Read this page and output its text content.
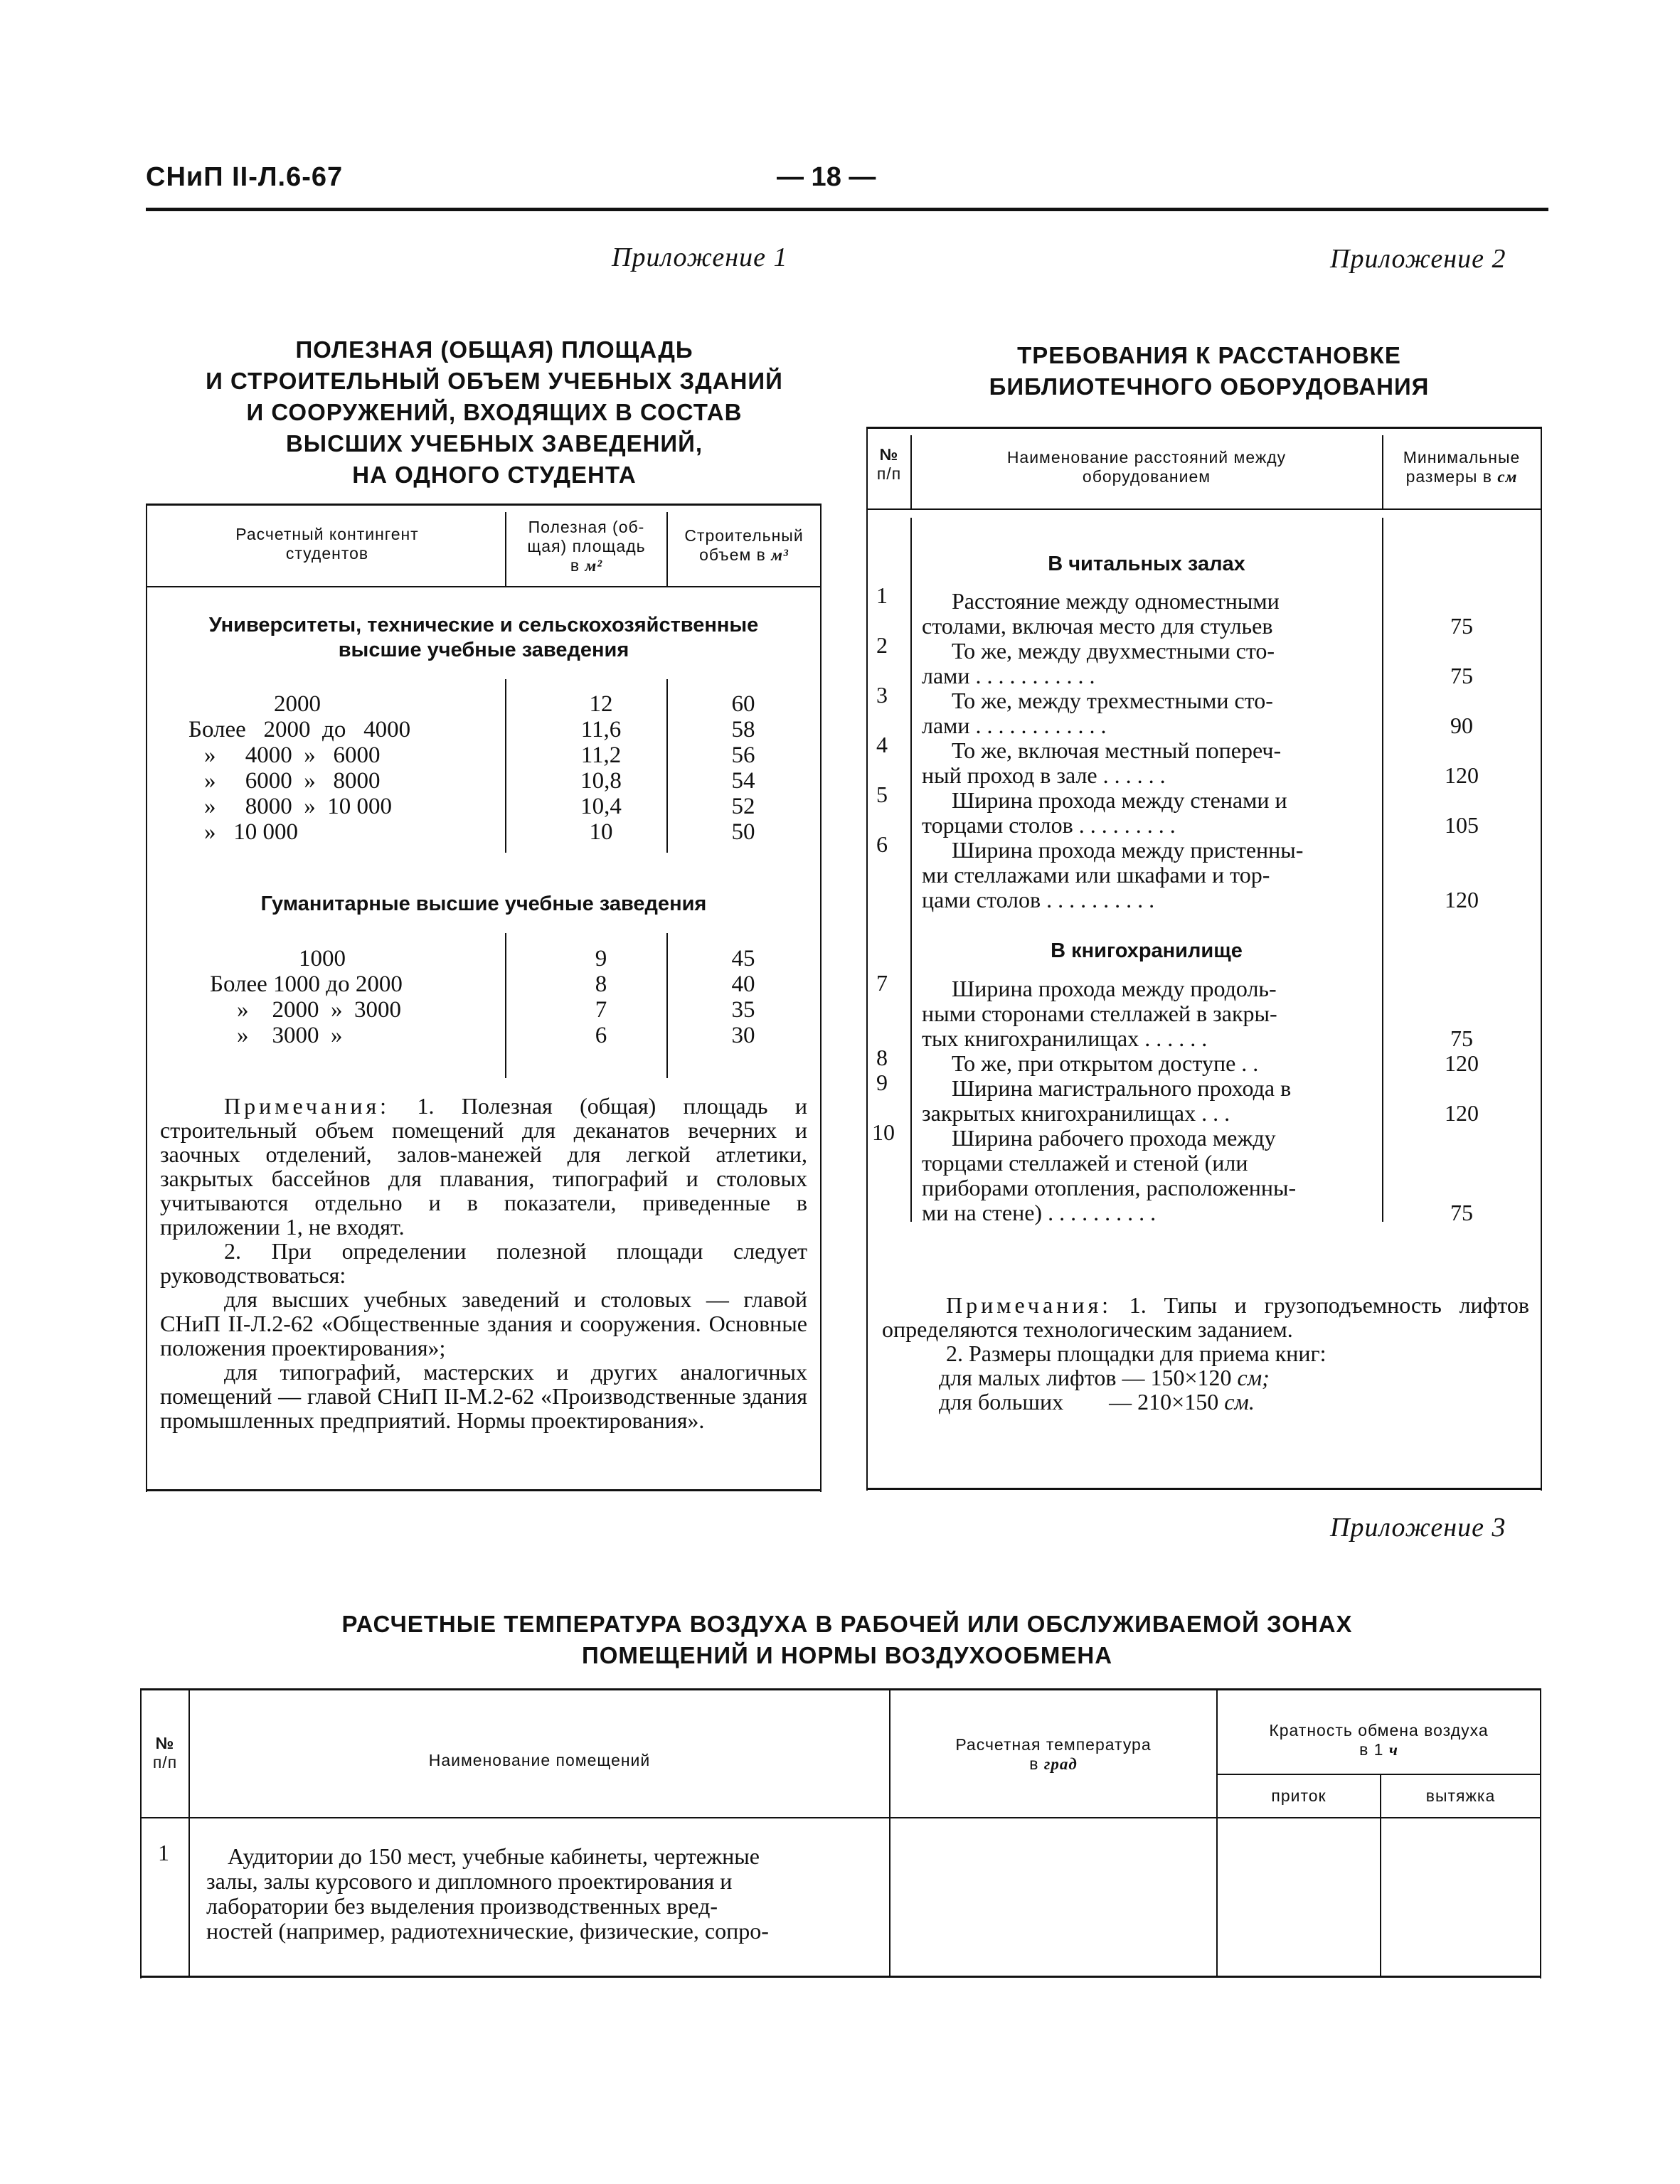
СНиП II-Л.6-67	— 18 —
Приложение 1
ПОЛЕЗНАЯ (ОБЩАЯ) ПЛОЩАДЬ
И СТРОИТЕЛЬНЫЙ ОБЪЕМ УЧЕБНЫХ ЗДАНИЙ
И СООРУЖЕНИЙ, ВХОДЯЩИХ В СОСТАВ
ВЫСШИХ УЧЕБНЫХ ЗАВЕДЕНИЙ,
НА ОДНОГО СТУДЕНТА
Расчетный контингент
студентов
Полезная (об-
щая) площадь
в м²
Строительный
объем в м³
Университеты, технические и сельскохозяйственные
высшие учебные заведения
2000	12	60
Более   2000  до   4000	11,6	58
»     4000  »   6000	11,2	56
»     6000  »   8000	10,8	54
»     8000  »  10 000	10,4	52
»   10 000	10	50
Гуманитарные высшие учебные заведения
1000	9	45
Более 1000 до 2000	8	40
»    2000  »  3000	7	35
»    3000  »	6	30

Примечания: 1. Полезная (общая) площадь и строительный объем помещений для деканатов вечерних и заочных отделений, залов-манежей для легкой атлетики, закрытых бассейнов для плавания, типографий и столовых учитываются отдельно и в показатели, приведенные в приложении 1, не входят.

2. При определении полезной площади следует руководствоваться:

для высших учебных заведений и столовых — главой СНиП II-Л.2-62 «Общественные здания и сооружения. Основные положения проектирования»;

для типографий, мастерских и других аналогичных помещений — главой СНиП II-М.2-62 «Производственные здания промышленных предприятий. Нормы проектирования».

Приложение 2
ТРЕБОВАНИЯ К РАССТАНОВКЕ
БИБЛИОТЕЧНОГО ОБОРУДОВАНИЯ
№
п/п
Наименование расстояний между
оборудованием
Минимальные
размеры в см
В читальных залах
1	Расстояние между одноместными
столами, включая место для стульев	75
2	То же, между двухместными сто-
лами . . . . . . . . . . .	75
3	То же, между трехместными сто-
лами . . . . . . . . . . . .	90
4	То же, включая местный попереч-
ный проход в зале . . . . . .	120
5	Ширина прохода между стенами и
торцами столов . . . . . . . . .	105
6	Ширина прохода между пристенны-
ми стеллажами или шкафами и тор-
цами столов . . . . . . . . . .	120
В книгохранилище
7	Ширина прохода между продоль-
ными сторонами стеллажей в закры-
тых книгохранилищах . . . . . .	75
8	То же, при открытом доступе . .	120
9	Ширина магистрального прохода в
закрытых книгохранилищах . . .	120
10	Ширина рабочего прохода между
торцами стеллажей и стеной (или
приборами отопления, расположенны-
ми на стене) . . . . . . . . . .	75

Примечания: 1. Типы и грузоподъемность лифтов определяются технологическим заданием.

2. Размеры площадки для приема книг:

для малых лифтов — 150×120 см;

для больших        — 210×150 см.

Приложение 3
РАСЧЕТНЫЕ ТЕМПЕРАТУРА ВОЗДУХА В РАБОЧЕЙ ИЛИ ОБСЛУЖИВАЕМОЙ ЗОНАХ
ПОМЕЩЕНИЙ И НОРМЫ ВОЗДУХООБМЕНА
№
п/п	Наименование помещений
Расчетная температура
в град
Кратность обмена воздуха
в 1 ч
приток	вытяжка
1	Аудитории до 150 мест, учебные кабинеты, чертежные
залы, залы курсового и дипломного проектирования и
лаборатории без выделения производственных вред-
ностей (например, радиотехнические, физические, сопро-
